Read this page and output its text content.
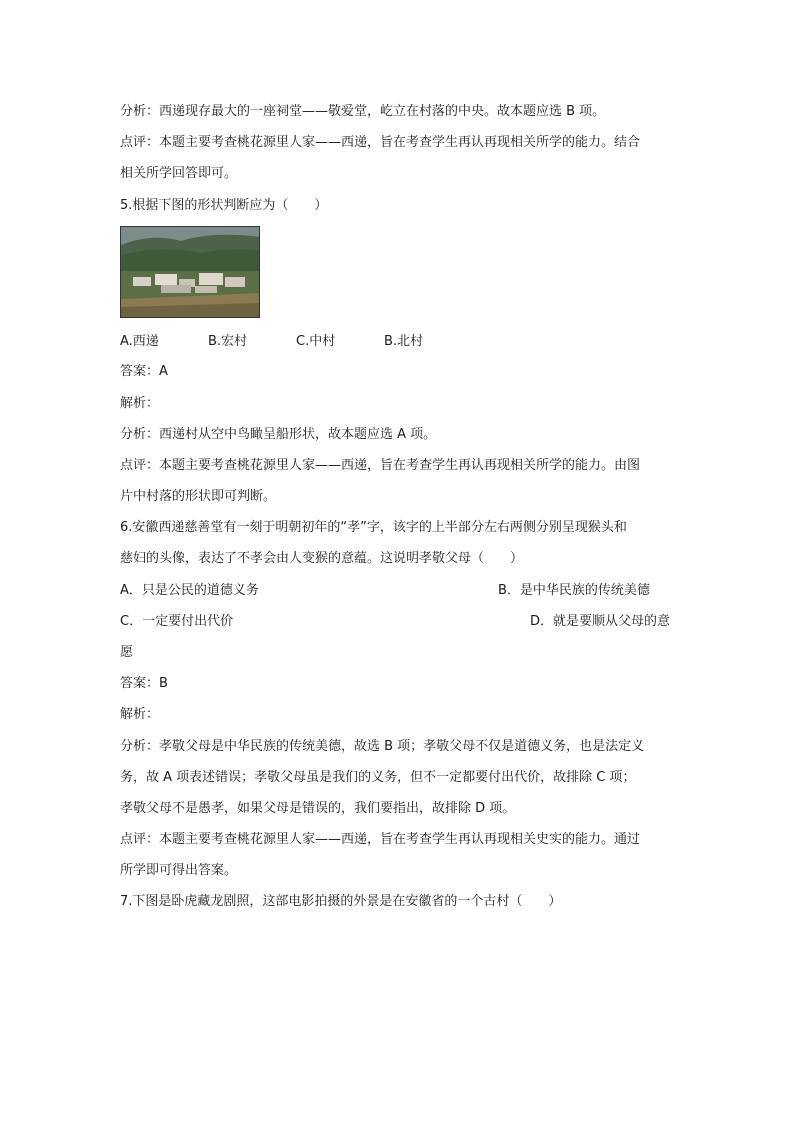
分析：西递现存最大的一座祠堂——敬爱堂，屹立在村落的中央。故本题应选 B 项。
点评：本题主要考查桃花源里人家——西递，旨在考查学生再认再现相关所学的能力。结合
相关所学回答即可。
5.根据下图的形状判断应为（　　）
A.西递	B.宏村	C.中村	B.北村
答案：A
解析：
分析：西递村从空中鸟瞰呈船形状，故本题应选 A 项。
点评：本题主要考查桃花源里人家——西递，旨在考查学生再认再现相关所学的能力。由图
片中村落的形状即可判断。
6.安徽西递慈善堂有一刻于明朝初年的“孝”字，该字的上半部分左右两侧分别呈现猴头和
慈妇的头像，表达了不孝会由人变猴的意蕴。这说明孝敬父母（　　）
A．只是公民的道德义务	B．是中华民族的传统美德
C．一定要付出代价	D．就是要顺从父母的意
愿
答案：B
解析：
分析：孝敬父母是中华民族的传统美德，故选 B 项；孝敬父母不仅是道德义务，也是法定义
务，故 A 项表述错误；孝敬父母虽是我们的义务，但不一定都要付出代价，故排除 C 项；
孝敬父母不是愚孝，如果父母是错误的，我们要指出，故排除 D 项。
点评：本题主要考查桃花源里人家——西递，旨在考查学生再认再现相关史实的能力。通过
所学即可得出答案。
7.下图是卧虎藏龙剧照，这部电影拍摄的外景是在安徽省的一个古村（　　）
